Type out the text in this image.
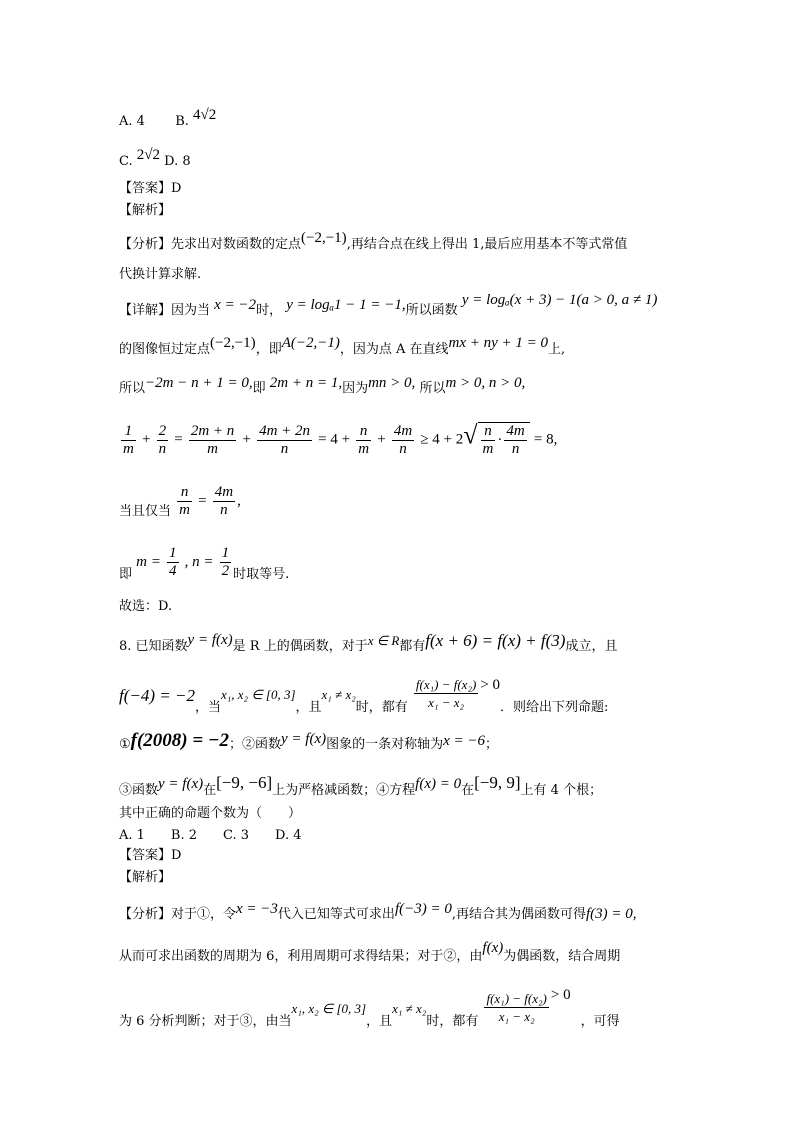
A. 4 B. 4√2
C. 2√2 D. 8
【答案】D
【解析】
【分析】先求出对数函数的定点(−2,−1),再结合点在线上得出 1,最后应用基本不等式常值
代换计算求解.
【详解】因为当 x = −2时， y = logₐ1 − 1 = −1,所以函数 y = logₐ(x + 3) − 1(a > 0, a ≠ 1)
的图像恒过定点(−2,−1)，即A(−2,−1)，因为点 A 在直线mx + ny + 1 = 0上,
所以−2m − n + 1 = 0,即 2m + n = 1,因为mn > 0, 所以m > 0, n > 0,
$\frac{1}{m} + \frac{2}{n} = \frac{2m + n}{m} + \frac{4m + 2n}{n} = 4 + \frac{n}{m} + \frac{4m}{n} \ge 4 + 2√ \frac{n}{m} \cdot \frac{4m}{n} = 8$,
当且仅当 $\frac{n}{m} = \frac{4m}{n}$ ,
即 $m = \frac{1}{4}$ , $n = \frac{1}{2}$ 时取等号.
故选：D.
8. 已知函数y = f(x)是 R 上的偶函数，对于x ∈ R都有f(x + 6) = f(x) + f(3)成立，且
f(−4) = −2，当x₁, x₂ ∈ [0, 3]，且x₁ ≠ x₂时，都有 $\frac{\text{f(x₁) − f(x₂)}}{\text{x₁ − x₂}} > 0$．则给出下列命题:
①f(2008) = −2；②函数y = f(x)图象的一条对称轴为x = −6；
③函数y = f(x)在[−9, −6]上为严格减函数；④方程f(x) = 0在[−9, 9]上有 4 个根；
其中正确的命题个数为（　　）
A. 1　　B. 2　　C. 3　　D. 4
【答案】D
【解析】
【分析】对于①，令x = −3代入已知等式可求出f(−3) = 0,再结合其为偶函数可得f(3) = 0,
从而可求出函数的周期为 6，利用周期可求得结果；对于②，由f(x)为偶函数，结合周期
为 6 分析判断；对于③，由当x₁, x₂ ∈ [0, 3]，且x₁ ≠ x₂时，都有 $\frac{\text{f(x₁) − f(x₂)}}{\text{x₁ − x₂}} > 0$，可得
